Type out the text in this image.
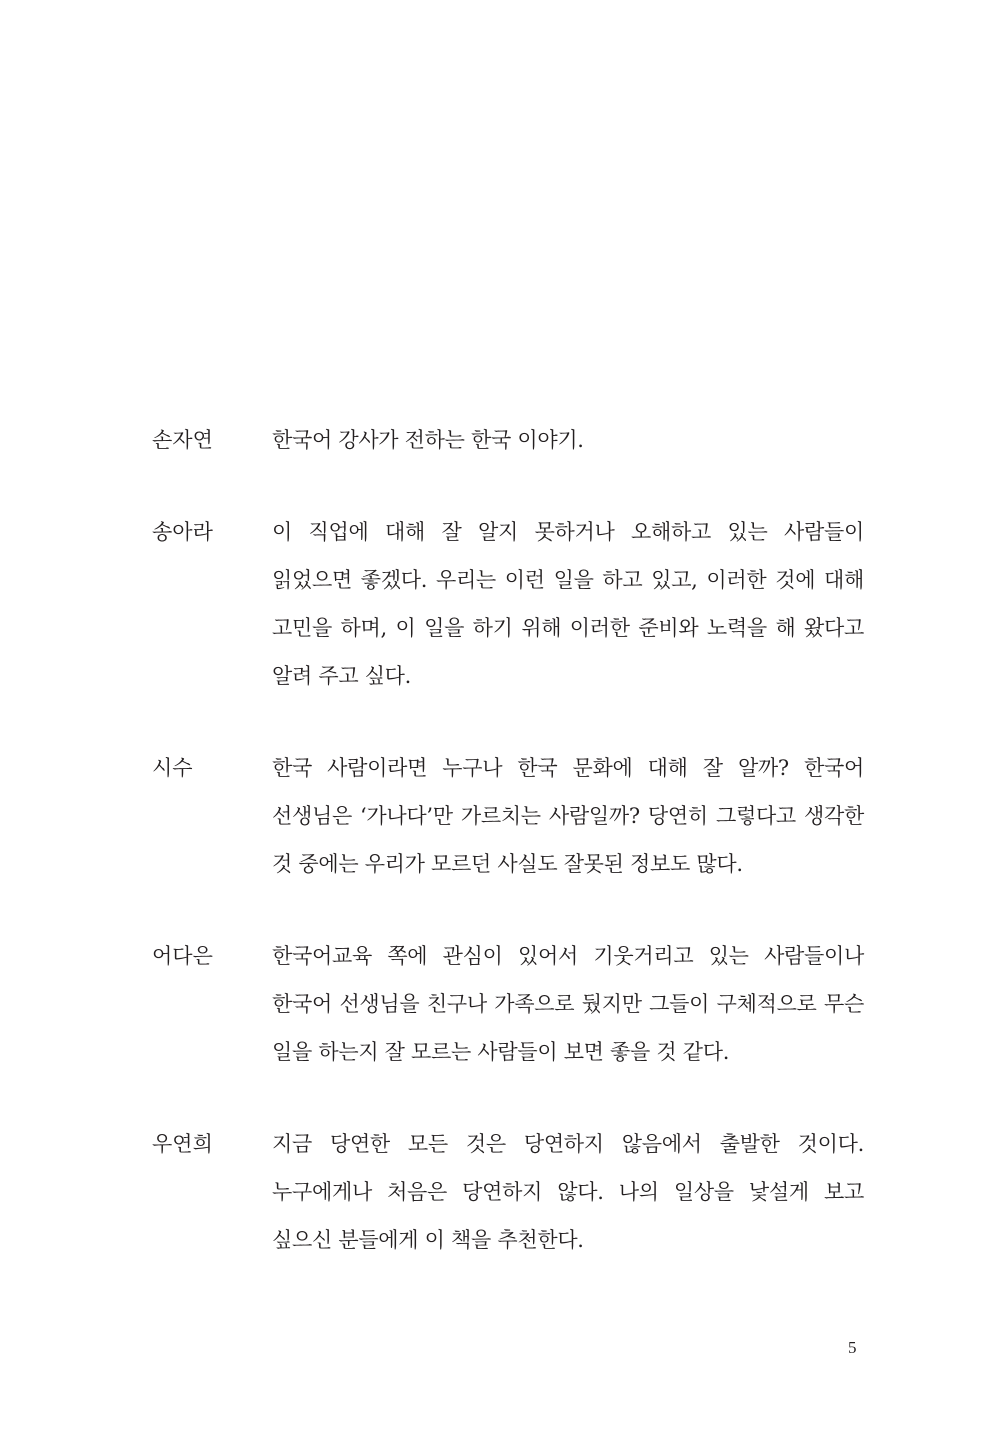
손자연	한국어 강사가 전하는 한국 이야기.
송아라	이 직업에 대해 잘 알지 못하거나 오해하고 있는 사람들이 읽었으면 좋겠다. 우리는 이런 일을 하고 있고, 이러한 것에 대해 고민을 하며, 이 일을 하기 위해 이러한 준비와 노력을 해 왔다고 알려 주고 싶다.
시수	한국 사람이라면 누구나 한국 문화에 대해 잘 알까? 한국어 선생님은 ‘가나다’만 가르치는 사람일까? 당연히 그렇다고 생각한 것 중에는 우리가 모르던 사실도 잘못된 정보도 많다.
어다은	한국어교육 쪽에 관심이 있어서 기웃거리고 있는 사람들이나 한국어 선생님을 친구나 가족으로 뒀지만 그들이 구체적으로 무슨 일을 하는지 잘 모르는 사람들이 보면 좋을 것 같다.
우연희	지금 당연한 모든 것은 당연하지 않음에서 출발한 것이다. 누구에게나 처음은 당연하지 않다. 나의 일상을 낯설게 보고 싶으신 분들에게 이 책을 추천한다.
5
